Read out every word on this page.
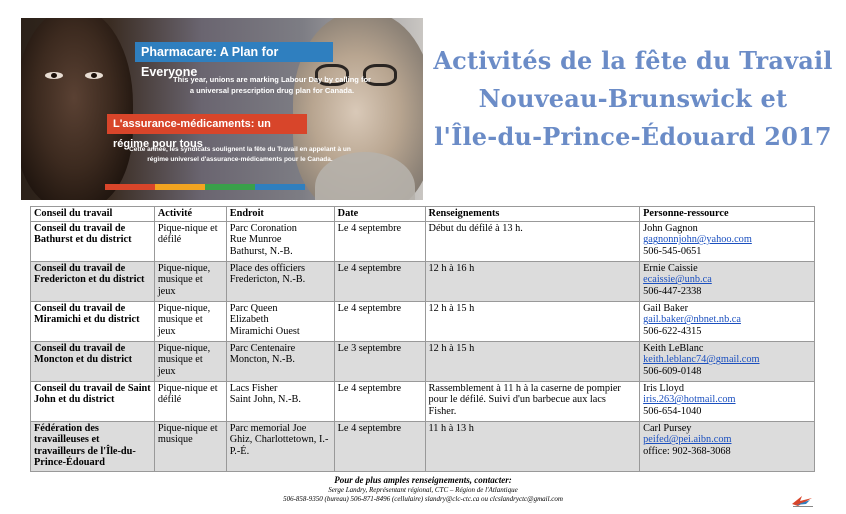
Pharmacare: A Plan for Everyone
This year, unions are marking Labour Day by calling for a universal prescription drug plan for Canada.
L'assurance-médicaments: un régime pour tous
Cette année, les syndicats soulignent la fête du Travail en appelant à un régime universel d'assurance-médicaments pour le Canada.
Activités de la fête du Travail
Nouveau-Brunswick et
l'Île-du-Prince-Édouard 2017
Conseil du travail	Activité	Endroit	Date	Renseignements	Personne-ressource
Conseil du travail de Bathurst et du district	Pique-nique et défilé	Parc Coronation
Rue Munroe
Bathurst, N.-B.	Le 4 septembre	Début du défilé à 13 h.	John Gagnon
gagnonnjohn@yahoo.com
506-545-0651

Conseil du travail de Fredericton et du district	Pique-nique, musique et jeux	Place des officiers
Fredericton, N.-B.	Le 4 septembre	12 h à 16 h	Ernie Caissie
ecaissie@unb.ca
506-447-2338

Conseil du travail de Miramichi et du district	Pique-nique, musique et jeux	Parc Queen
Elizabeth
Miramichi Ouest	Le 4 septembre	12 h à 15 h	Gail Baker
gail.baker@nbnet.nb.ca
506-622-4315

Conseil du travail de Moncton et du district	Pique-nique, musique et jeux	Parc Centenaire
Moncton, N.-B.	Le 3 septembre	12 h à 15 h	Keith LeBlanc
keith.leblanc74@gmail.com
506-609-0148

Conseil du travail de Saint John et du district	Pique-nique et défilé	Lacs Fisher
Saint John, N.-B.	Le 4 septembre	Rassemblement à 11 h à la caserne de pompier pour le défilé. Suivi d'un barbecue aux lacs Fisher.	Iris Lloyd
iris.263@hotmail.com
506-654-1040

Fédération des travailleuses et travailleurs de l'Île-du-Prince-Édouard	Pique-nique et musique	Parc memorial Joe Ghiz, Charlottetown, I.-P.-É.	Le 4 septembre	11 h à 13 h	Carl Pursey
peifed@pei.aibn.com
office: 902-368-3068
Pour de plus amples renseignements, contacter:
Serge Landry, Représentant régional, CTC – Région de l'Atlantique
506-858-9350 (bureau) 506-871-8496 (cellulaire) slandry@clc-ctc.ca ou clcslandryctc@gmail.com
